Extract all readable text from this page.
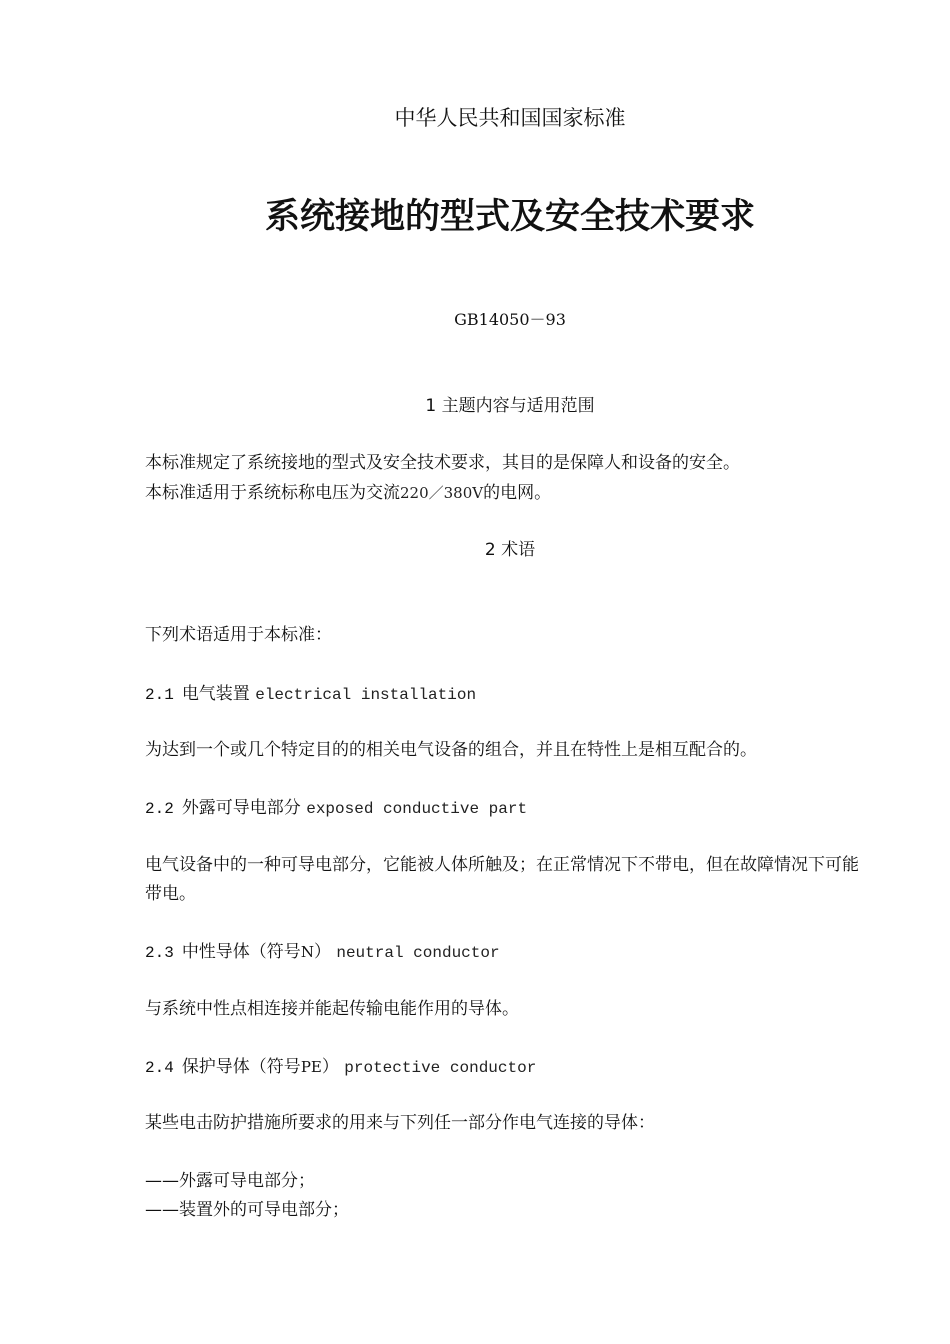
中华人民共和国国家标准
系统接地的型式及安全技术要求
GB14050－93
1 主题内容与适用范围
本标准规定了系统接地的型式及安全技术要求，其目的是保障人和设备的安全。
本标准适用于系统标称电压为交流220／380V的电网。
2 术语
下列术语适用于本标准：
2.1 电气装置 electrical installation
为达到一个或几个特定目的的相关电气设备的组合，并且在特性上是相互配合的。
2.2 外露可导电部分 exposed conductive part
电气设备中的一种可导电部分，它能被人体所触及；在正常情况下不带电，但在故障情况下可能带电。
2.3 中性导体（符号N） neutral conductor
与系统中性点相连接并能起传输电能作用的导体。
2.4 保护导体（符号PE） protective conductor
某些电击防护措施所要求的用来与下列任一部分作电气连接的导体：
——外露可导电部分；
——装置外的可导电部分；
